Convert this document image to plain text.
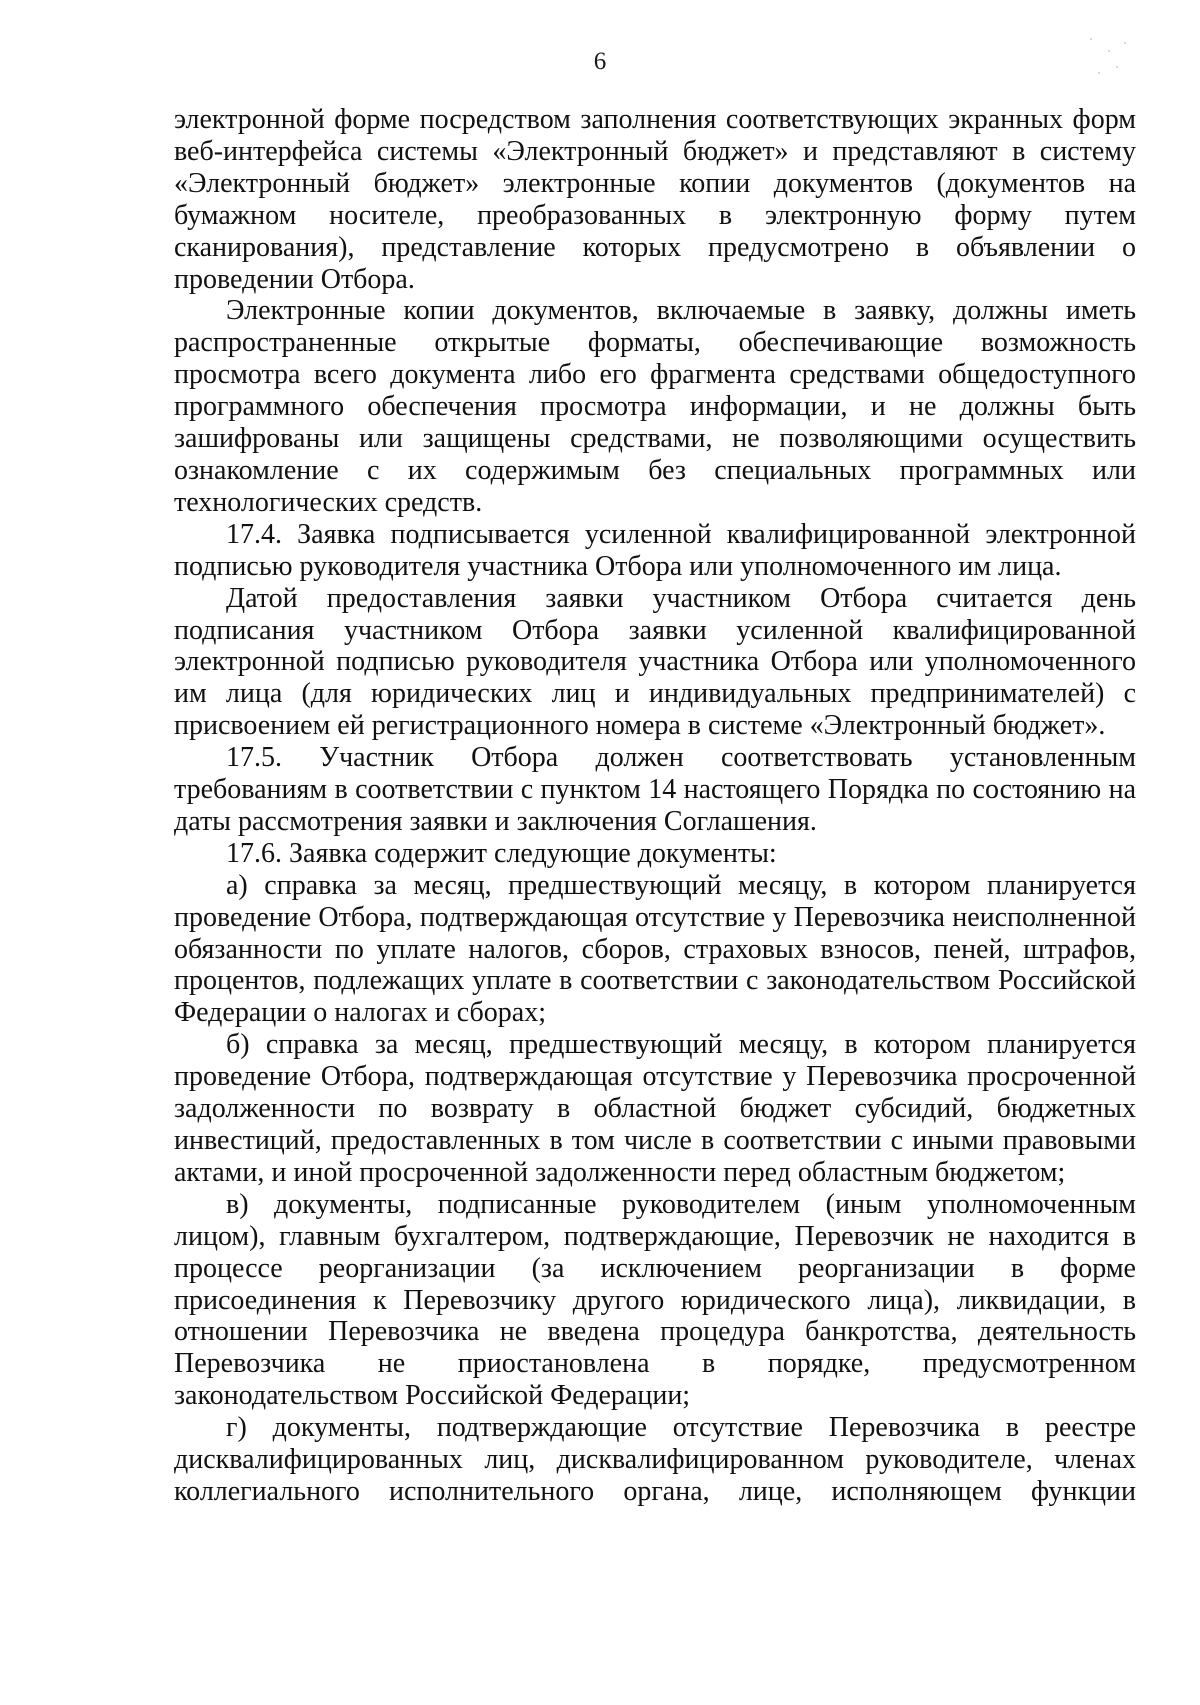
6

электронной форме посредством заполнения соответствующих экранных форм веб-интерфейса системы «Электронный бюджет» и представляют в систему «Электронный бюджет» электронные копии документов (документов на бумажном носителе, преобразованных в электронную форму путем сканирования), представление которых предусмотрено в объявлении о проведении Отбора.

Электронные копии документов, включаемые в заявку, должны иметь распространенные открытые форматы, обеспечивающие возможность просмотра всего документа либо его фрагмента средствами общедоступного программного обеспечения просмотра информации, и не должны быть зашифрованы или защищены средствами, не позволяющими осуществить ознакомление с их содержимым без специальных программных или технологических средств.

17.4. Заявка подписывается усиленной квалифицированной электронной подписью руководителя участника Отбора или уполномоченного им лица.

Датой предоставления заявки участником Отбора считается день подписания участником Отбора заявки усиленной квалифицированной электронной подписью руководителя участника Отбора или уполномоченного им лица (для юридических лиц и индивидуальных предпринимателей) с присвоением ей регистрационного номера в системе «Электронный бюджет».

17.5. Участник Отбора должен соответствовать установленным требованиям в соответствии с пунктом 14 настоящего Порядка по состоянию на даты рассмотрения заявки и заключения Соглашения.

17.6. Заявка содержит следующие документы:

а) справка за месяц, предшествующий месяцу, в котором планируется проведение Отбора, подтверждающая отсутствие у Перевозчика неисполненной обязанности по уплате налогов, сборов, страховых взносов, пеней, штрафов, процентов, подлежащих уплате в соответствии с законодательством Российской Федерации о налогах и сборах;

б) справка за месяц, предшествующий месяцу, в котором планируется проведение Отбора, подтверждающая отсутствие у Перевозчика просроченной задолженности по возврату в областной бюджет субсидий, бюджетных инвестиций, предоставленных в том числе в соответствии с иными правовыми актами, и иной просроченной задолженности перед областным бюджетом;

в) документы, подписанные руководителем (иным уполномоченным лицом), главным бухгалтером, подтверждающие, Перевозчик не находится в процессе реорганизации (за исключением реорганизации в форме присоединения к Перевозчику другого юридического лица), ликвидации, в отношении Перевозчика не введена процедура банкротства, деятельность Перевозчика не приостановлена в порядке, предусмотренном законодательством Российской Федерации;

г) документы, подтверждающие отсутствие Перевозчика в реестре дисквалифицированных лиц, дисквалифицированном руководителе, членах коллегиального исполнительного органа, лице, исполняющем функции
